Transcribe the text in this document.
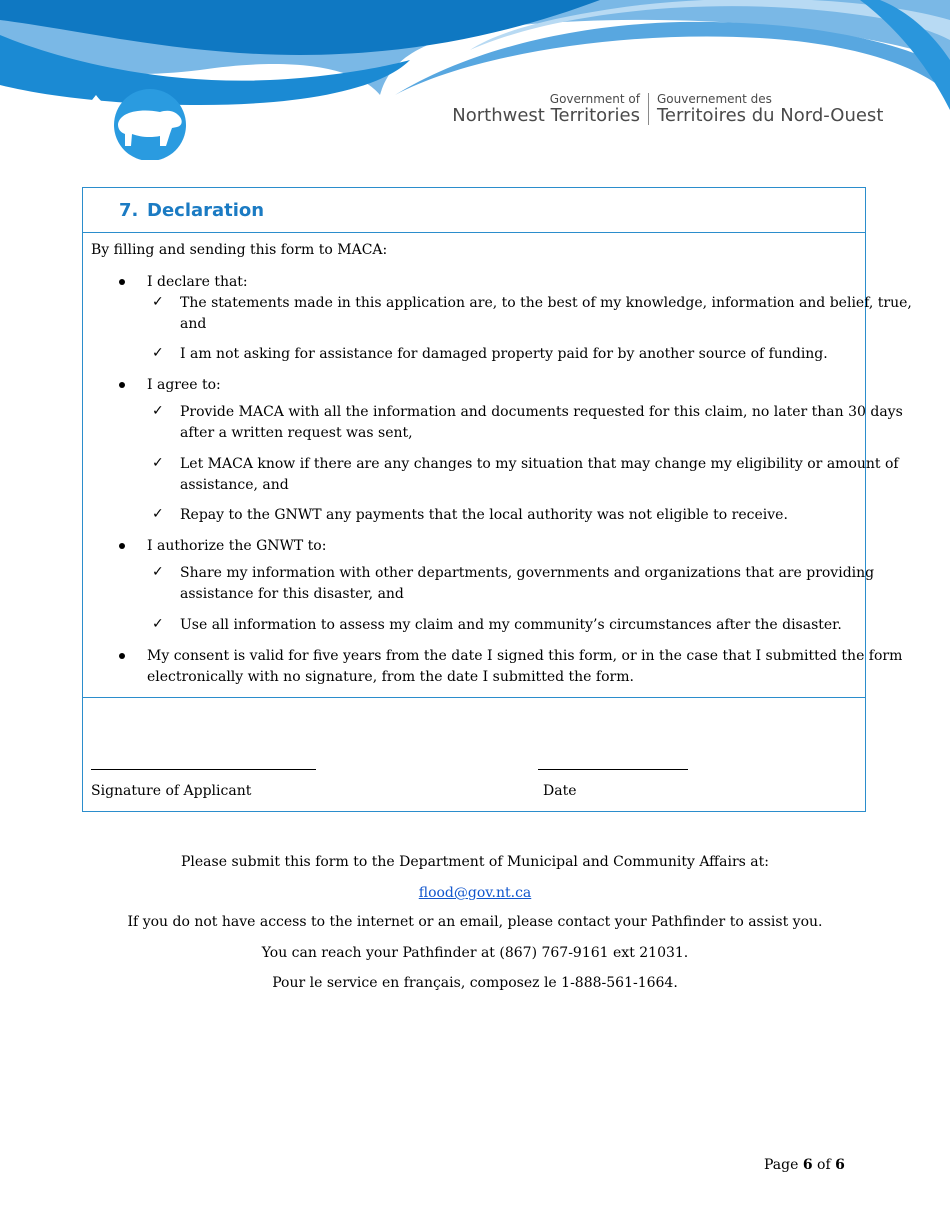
Government of
Northwest Territories
Gouvernement des
Territoires du Nord-Ouest
7. Declaration
By filling and sending this form to MACA:
I declare that:
✓ The statements made in this application are, to the best of my knowledge, information and belief, true,
and
✓ I am not asking for assistance for damaged property paid for by another source of funding.
I agree to:
✓ Provide MACA with all the information and documents requested for this claim, no later than 30 days
after a written request was sent,
✓ Let MACA know if there are any changes to my situation that may change my eligibility or amount of
assistance, and
✓ Repay to the GNWT any payments that the local authority was not eligible to receive.
I authorize the GNWT to:
✓ Share my information with other departments, governments and organizations that are providing
assistance for this disaster, and
✓ Use all information to assess my claim and my community’s circumstances after the disaster.
My consent is valid for five years from the date I signed this form, or in the case that I submitted the form
electronically with no signature, from the date I submitted the form.
Signature of Applicant	Date
Please submit this form to the Department of Municipal and Community Affairs at:
flood@gov.nt.ca
If you do not have access to the internet or an email, please contact your Pathfinder to assist you.
You can reach your Pathfinder at (867) 767-9161 ext 21031.
Pour le service en français, composez le 1-888-561-1664.
Page 6 of 6
